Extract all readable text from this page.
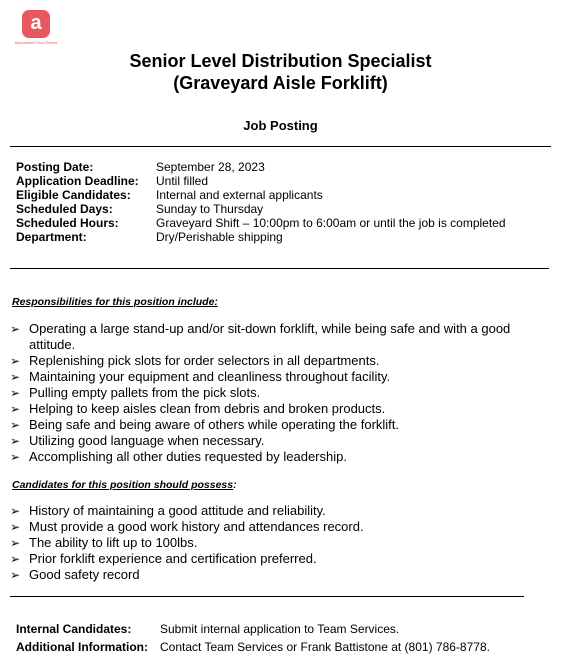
a
Associated Food Stores
Senior Level Distribution Specialist
(Graveyard Aisle Forklift)
Job Posting
Posting Date:	September 28, 2023
Application Deadline:	Until filled
Eligible Candidates:	Internal and external applicants
Scheduled Days:	Sunday to Thursday
Scheduled Hours:	Graveyard Shift – 10:00pm to 6:00am or until the job is completed
Department:	Dry/Perishable shipping
Responsibilities for this position include:
➢ Operating a large stand-up and/or sit-down forklift, while being safe and with a good attitude.
➢ Replenishing pick slots for order selectors in all departments.
➢ Maintaining your equipment and cleanliness throughout facility.
➢ Pulling empty pallets from the pick slots.
➢ Helping to keep aisles clean from debris and broken products.
➢ Being safe and being aware of others while operating the forklift.
➢ Utilizing good language when necessary.
➢ Accomplishing all other duties requested by leadership.
Candidates for this position should possess:
➢ History of maintaining a good attitude and reliability.
➢ Must provide a good work history and attendances record.
➢ The ability to lift up to 100lbs.
➢ Prior forklift experience and certification preferred.
➢ Good safety record
Internal Candidates: Submit internal application to Team Services.
Additional Information: Contact Team Services or Frank Battistone at (801) 786-8778.
